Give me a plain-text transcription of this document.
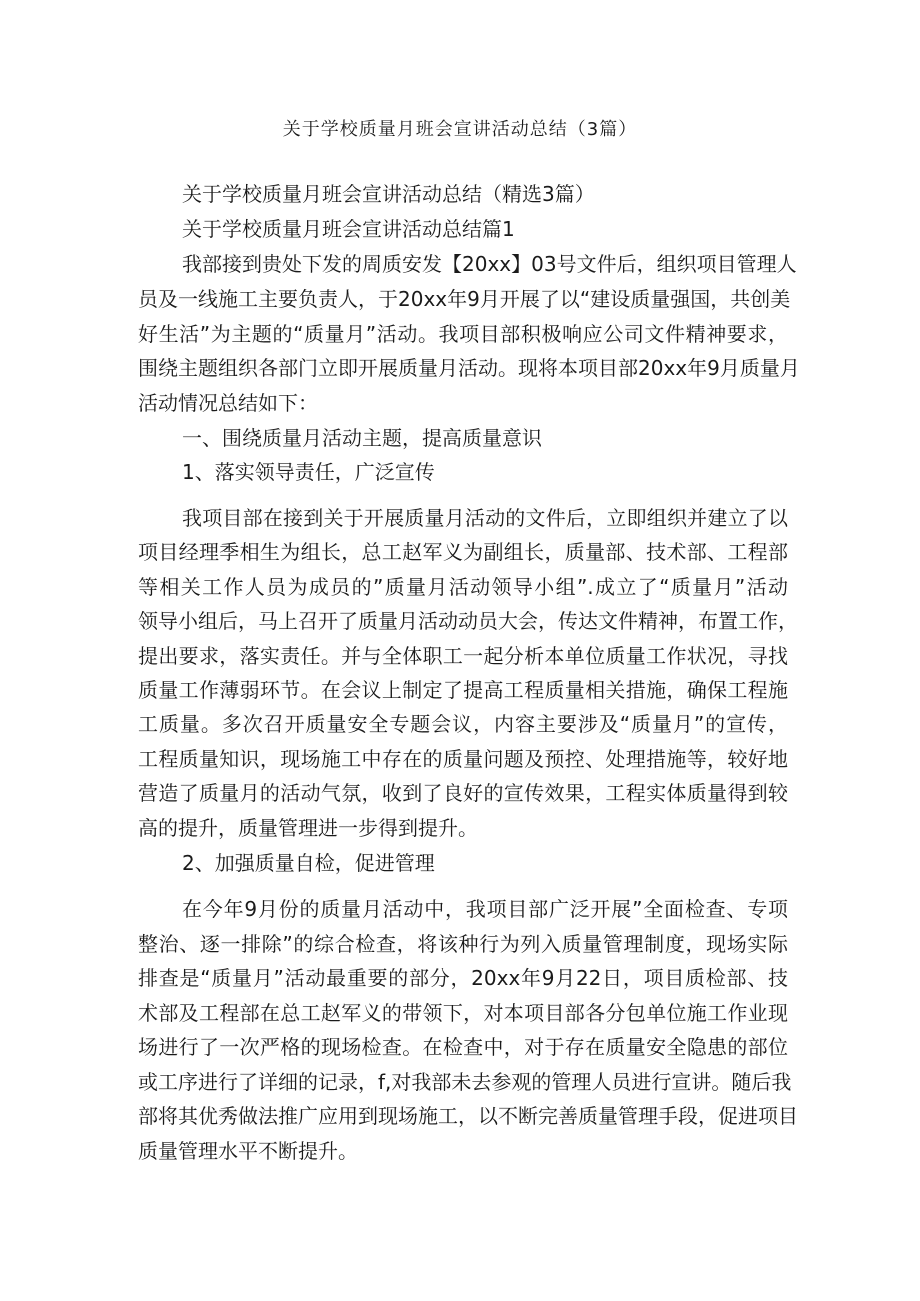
关于学校质量月班会宣讲活动总结（3篇）
关于学校质量月班会宣讲活动总结（精选3篇）
关于学校质量月班会宣讲活动总结篇1
我部接到贵处下发的周质安发【20xx】03号文件后，组织项目管理人
员及一线施工主要负责人，于20xx年9月开展了以“建设质量强国，共创美
好生活”为主题的“质量月”活动。我项目部积极响应公司文件精神要求，
围绕主题组织各部门立即开展质量月活动。现将本项目部20xx年9月质量月
活动情况总结如下：
一、围绕质量月活动主题，提高质量意识
1、落实领导责任，广泛宣传
我项目部在接到关于开展质量月活动的文件后，立即组织并建立了以
项目经理季相生为组长，总工赵军义为副组长，质量部、技术部、工程部
等相关工作人员为成员的”质量月活动领导小组”.成立了“质量月”活动
领导小组后，马上召开了质量月活动动员大会，传达文件精神，布置工作，
提出要求，落实责任。并与全体职工一起分析本单位质量工作状况，寻找
质量工作薄弱环节。在会议上制定了提高工程质量相关措施，确保工程施
工质量。多次召开质量安全专题会议，内容主要涉及“质量月”的宣传，
工程质量知识，现场施工中存在的质量问题及预控、处理措施等，较好地
营造了质量月的活动气氛，收到了良好的宣传效果，工程实体质量得到较
高的提升，质量管理进一步得到提升。
2、加强质量自检，促进管理
在今年9月份的质量月活动中，我项目部广泛开展”全面检查、专项
整治、逐一排除”的综合检查，将该种行为列入质量管理制度，现场实际
排查是“质量月”活动最重要的部分，20xx年9月22日，项目质检部、技
术部及工程部在总工赵军义的带领下，对本项目部各分包单位施工作业现
场进行了一次严格的现场检查。在检查中，对于存在质量安全隐患的部位
或工序进行了详细的记录，f,对我部未去参观的管理人员进行宣讲。随后我
部将其优秀做法推广应用到现场施工，以不断完善质量管理手段，促进项目
质量管理水平不断提升。
